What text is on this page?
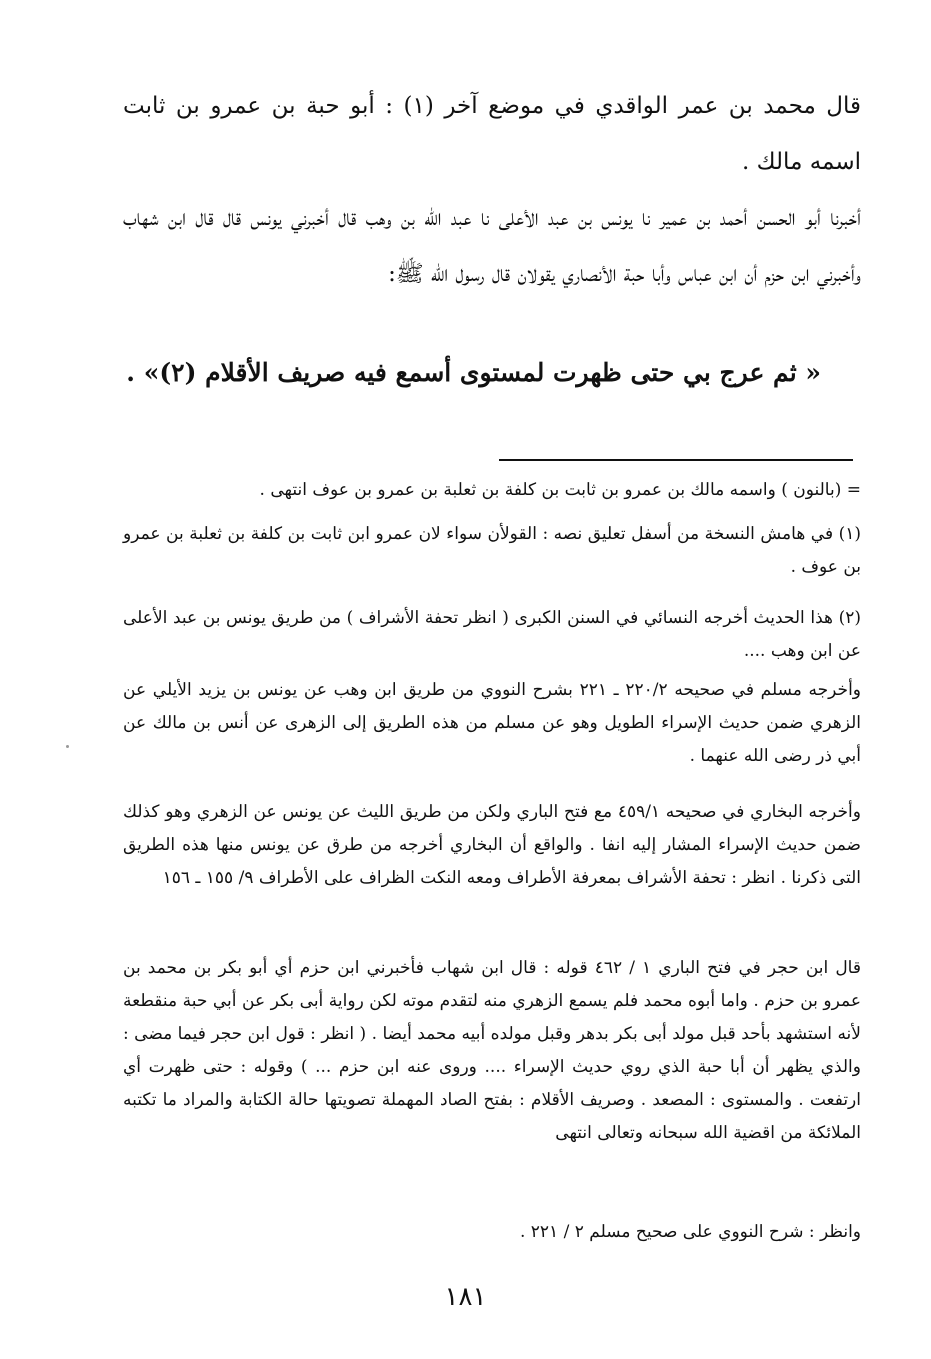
قال محمد بن عمر الواقدي في موضع آخر (١) : أبو حبة بن عمرو بن ثابت اسمه مالك .
أخبرنا أبو الحسن أحمد بن عمير نا يونس بن عبد الأعلى نا عبد الله بن وهب قال أخبرني يونس قال قال ابن شهاب وأخبرني ابن حزم أن ابن عباس وأبا حبة الأنصاري يقولان قال رسول الله ﷺ:
« ثم عرج بي حتى ظهرت لمستوى أسمع فيه صريف الأقلام (٢)» .
= (بالنون ) واسمه مالك بن عمرو بن ثابت بن كلفة بن ثعلبة بن عمرو بن عوف انتهى .
(١) في هامش النسخة من أسفل تعليق نصه : القولأن سواء لان عمرو ابن ثابت بن كلفة بن ثعلبة بن عمرو بن عوف .
(٢) هذا الحديث أخرجه النسائي في السنن الكبرى ( انظر تحفة الأشراف ) من طريق يونس بن عبد الأعلى عن ابن وهب ....
وأخرجه مسلم في صحيحه ٢٢٠/٢ ـ ٢٢١ بشرح النووي من طريق ابن وهب عن يونس بن يزيد الأيلي عن الزهري ضمن حديث الإسراء الطويل وهو عن مسلم من هذه الطريق إلى الزهرى عن أنس بن مالك عن أبي ذر رضى الله عنهما .
وأخرجه البخاري في صحيحه ٤٥٩/١ مع فتح الباري ولكن من طريق الليث عن يونس عن الزهري وهو كذلك ضمن حديث الإسراء المشار إليه انفا . والواقع أن البخاري أخرجه من طرق عن يونس منها هذه الطريق التى ذكرنا . انظر : تحفة الأشراف بمعرفة الأطراف ومعه النكت الظراف على الأطراف ٩/ ١٥٥ ـ ١٥٦
قال ابن حجر في فتح الباري ١ / ٤٦٢ قوله : قال ابن شهاب فأخبرني ابن حزم أي أبو بكر بن محمد بن عمرو بن حزم . واما أبوه محمد فلم يسمع الزهري منه لتقدم موته لكن رواية أبى بكر عن أبي حبة منقطعة لأنه استشهد بأحد قبل مولد أبى بكر بدهر وقبل مولده أبيه محمد أيضا . ( انظر : قول ابن حجر فيما مضى : والذي يظهر أن أبا حبة الذي روي حديث الإسراء .... وروى عنه ابن حزم ... ) وقوله : حتى ظهرت أي ارتفعت . والمستوى : المصعد . وصريف الأقلام : بفتح الصاد المهملة تصويتها حالة الكتابة والمراد ما تكتبه الملائكة من اقضية الله سبحانه وتعالى انتهى
وانظر : شرح النووي على صحيح مسلم ٢ / ٢٢١ .
١٨١
